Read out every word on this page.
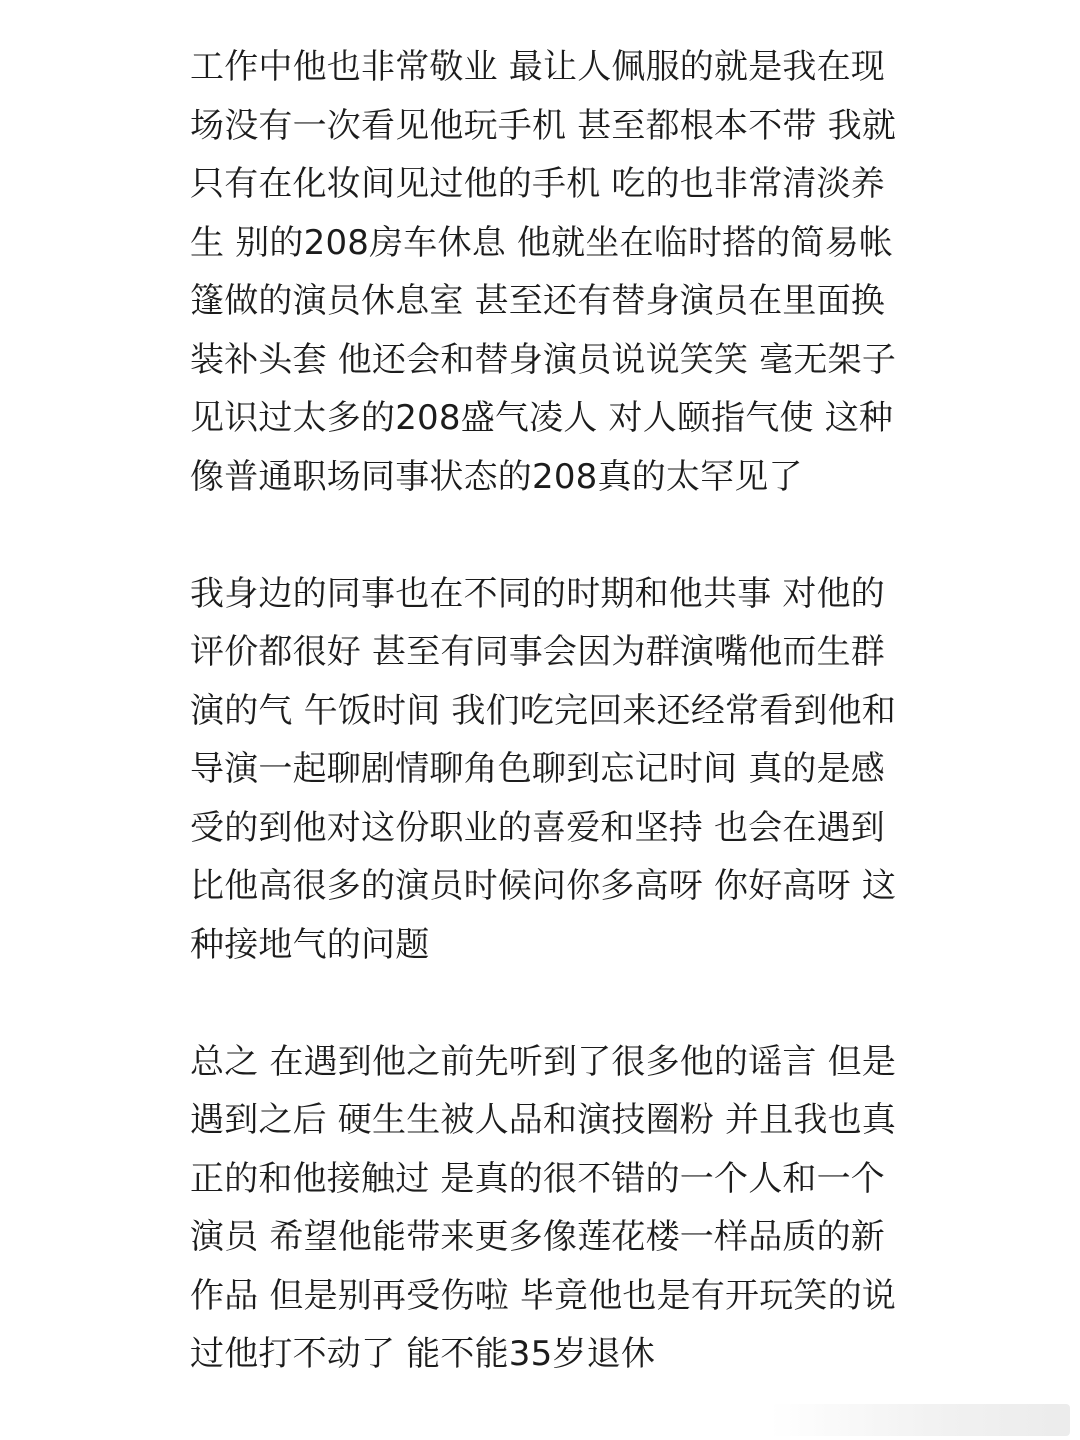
工作中他也非常敬业 最让人佩服的就是我在现
场没有一次看见他玩手机 甚至都根本不带 我就
只有在化妆间见过他的手机 吃的也非常清淡养
生 别的208房车休息 他就坐在临时搭的简易帐
篷做的演员休息室 甚至还有替身演员在里面换
装补头套 他还会和替身演员说说笑笑 毫无架子
见识过太多的208盛气凌人 对人颐指气使 这种
像普通职场同事状态的208真的太罕见了
我身边的同事也在不同的时期和他共事 对他的
评价都很好 甚至有同事会因为群演嘴他而生群
演的气 午饭时间 我们吃完回来还经常看到他和
导演一起聊剧情聊角色聊到忘记时间 真的是感
受的到他对这份职业的喜爱和坚持 也会在遇到
比他高很多的演员时候问你多高呀 你好高呀 这
种接地气的问题
总之 在遇到他之前先听到了很多他的谣言 但是
遇到之后 硬生生被人品和演技圈粉 并且我也真
正的和他接触过 是真的很不错的一个人和一个
演员 希望他能带来更多像莲花楼一样品质的新
作品 但是别再受伤啦 毕竟他也是有开玩笑的说
过他打不动了 能不能35岁退休
